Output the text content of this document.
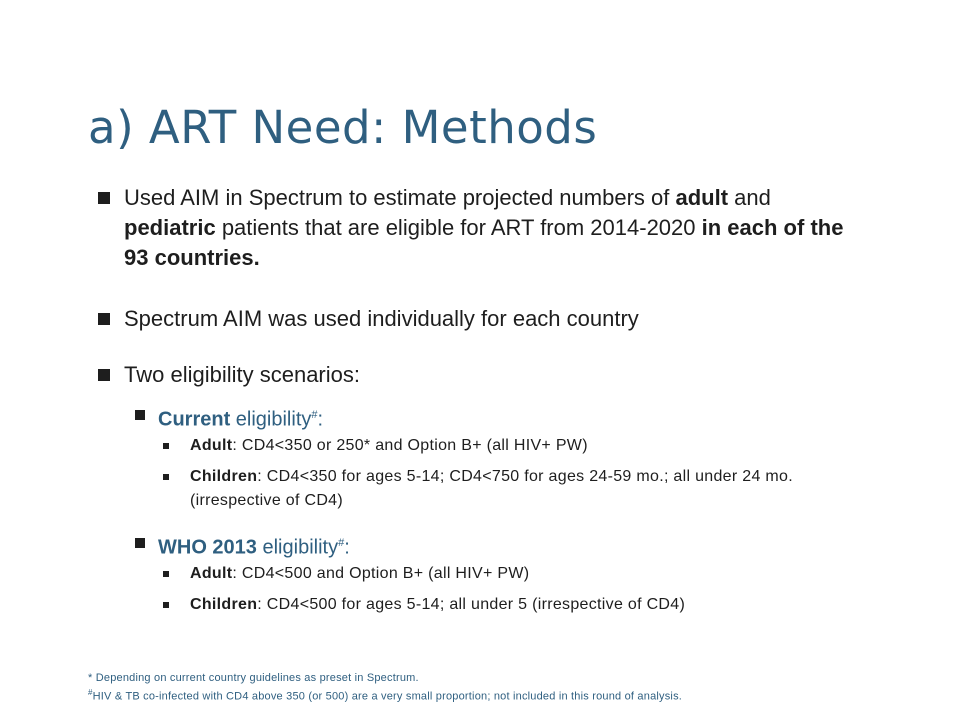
a) ART Need: Methods
Used AIM in Spectrum to estimate projected numbers of adult and pediatric patients that are eligible for ART from 2014-2020 in each of the 93 countries.
Spectrum AIM was used individually for each country
Two eligibility scenarios:
Current eligibility#:
Adult: CD4<350 or 250* and Option B+ (all HIV+ PW)
Children: CD4<350 for ages 5-14; CD4<750 for ages 24-59 mo.; all under 24 mo. (irrespective of CD4)
WHO 2013 eligibility#:
Adult: CD4<500 and Option B+ (all HIV+ PW)
Children: CD4<500 for ages 5-14; all under 5 (irrespective of CD4)
* Depending on current country guidelines as preset in Spectrum.
#HIV & TB co-infected with CD4 above 350 (or 500) are a very small proportion; not included in this round of analysis.
